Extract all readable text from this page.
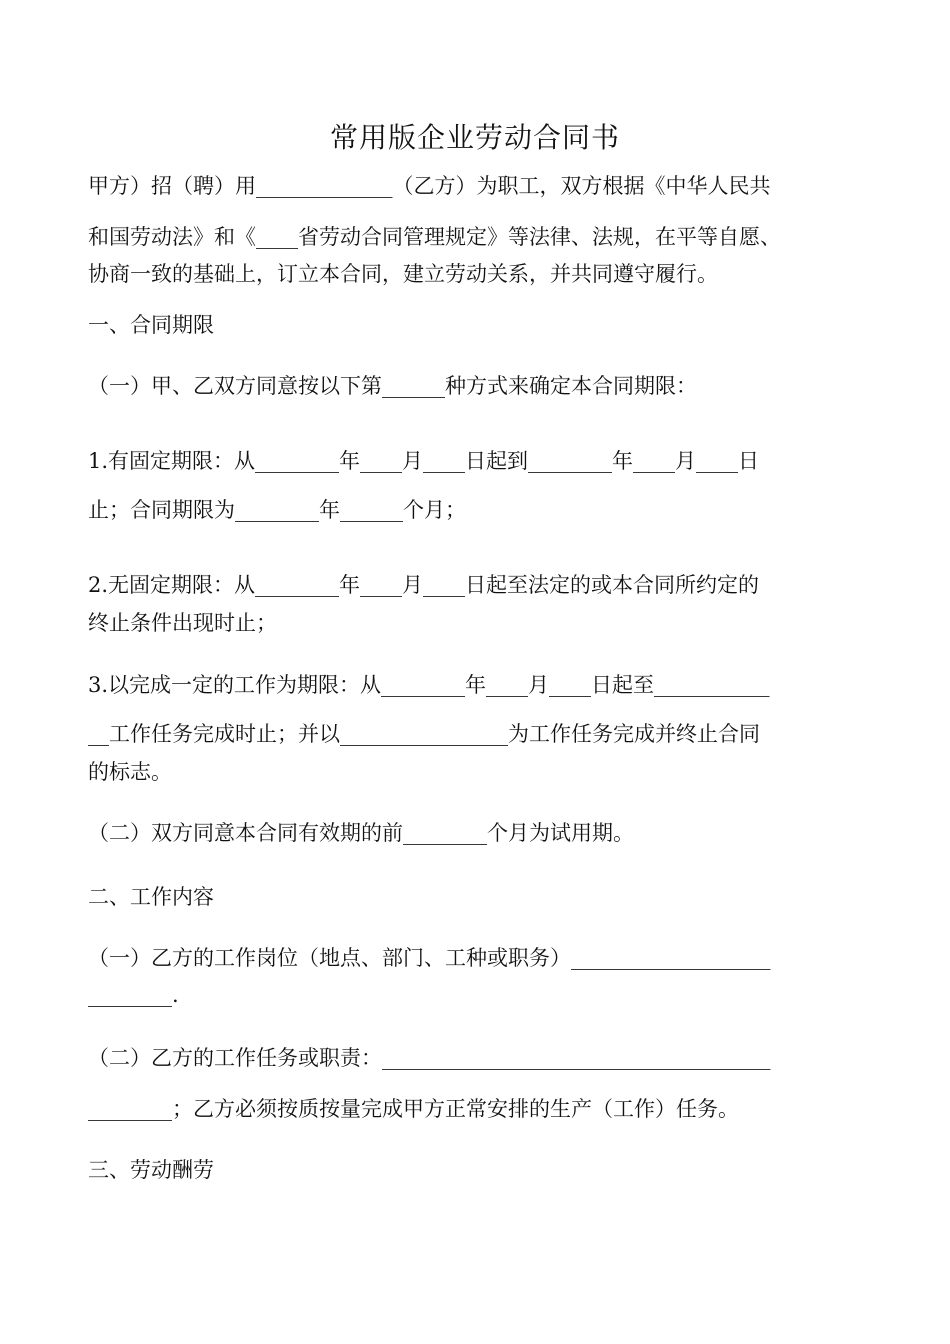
常用版企业劳动合同书
甲方）招（聘）用_____________（乙方）为职工，双方根据《中华人民共
和国劳动法》和《____省劳动合同管理规定》等法律、法规，在平等自愿、
协商一致的基础上，订立本合同，建立劳动关系，并共同遵守履行。
一、合同期限
（一）甲、乙双方同意按以下第______种方式来确定本合同期限：
1.有固定期限：从________年____月____日起到________年____月____日
止；合同期限为________年______个月；
2.无固定期限：从________年____月____日起至法定的或本合同所约定的
终止条件出现时止；
3.以完成一定的工作为期限：从________年____月____日起至___________
__工作任务完成时止；并以________________为工作任务完成并终止合同
的标志。
（二）双方同意本合同有效期的前________个月为试用期。
二、工作内容
（一）乙方的工作岗位（地点、部门、工种或职务）___________________
________.
（二）乙方的工作任务或职责：_____________________________________
________；乙方必须按质按量完成甲方正常安排的生产（工作）任务。
三、劳动酬劳
